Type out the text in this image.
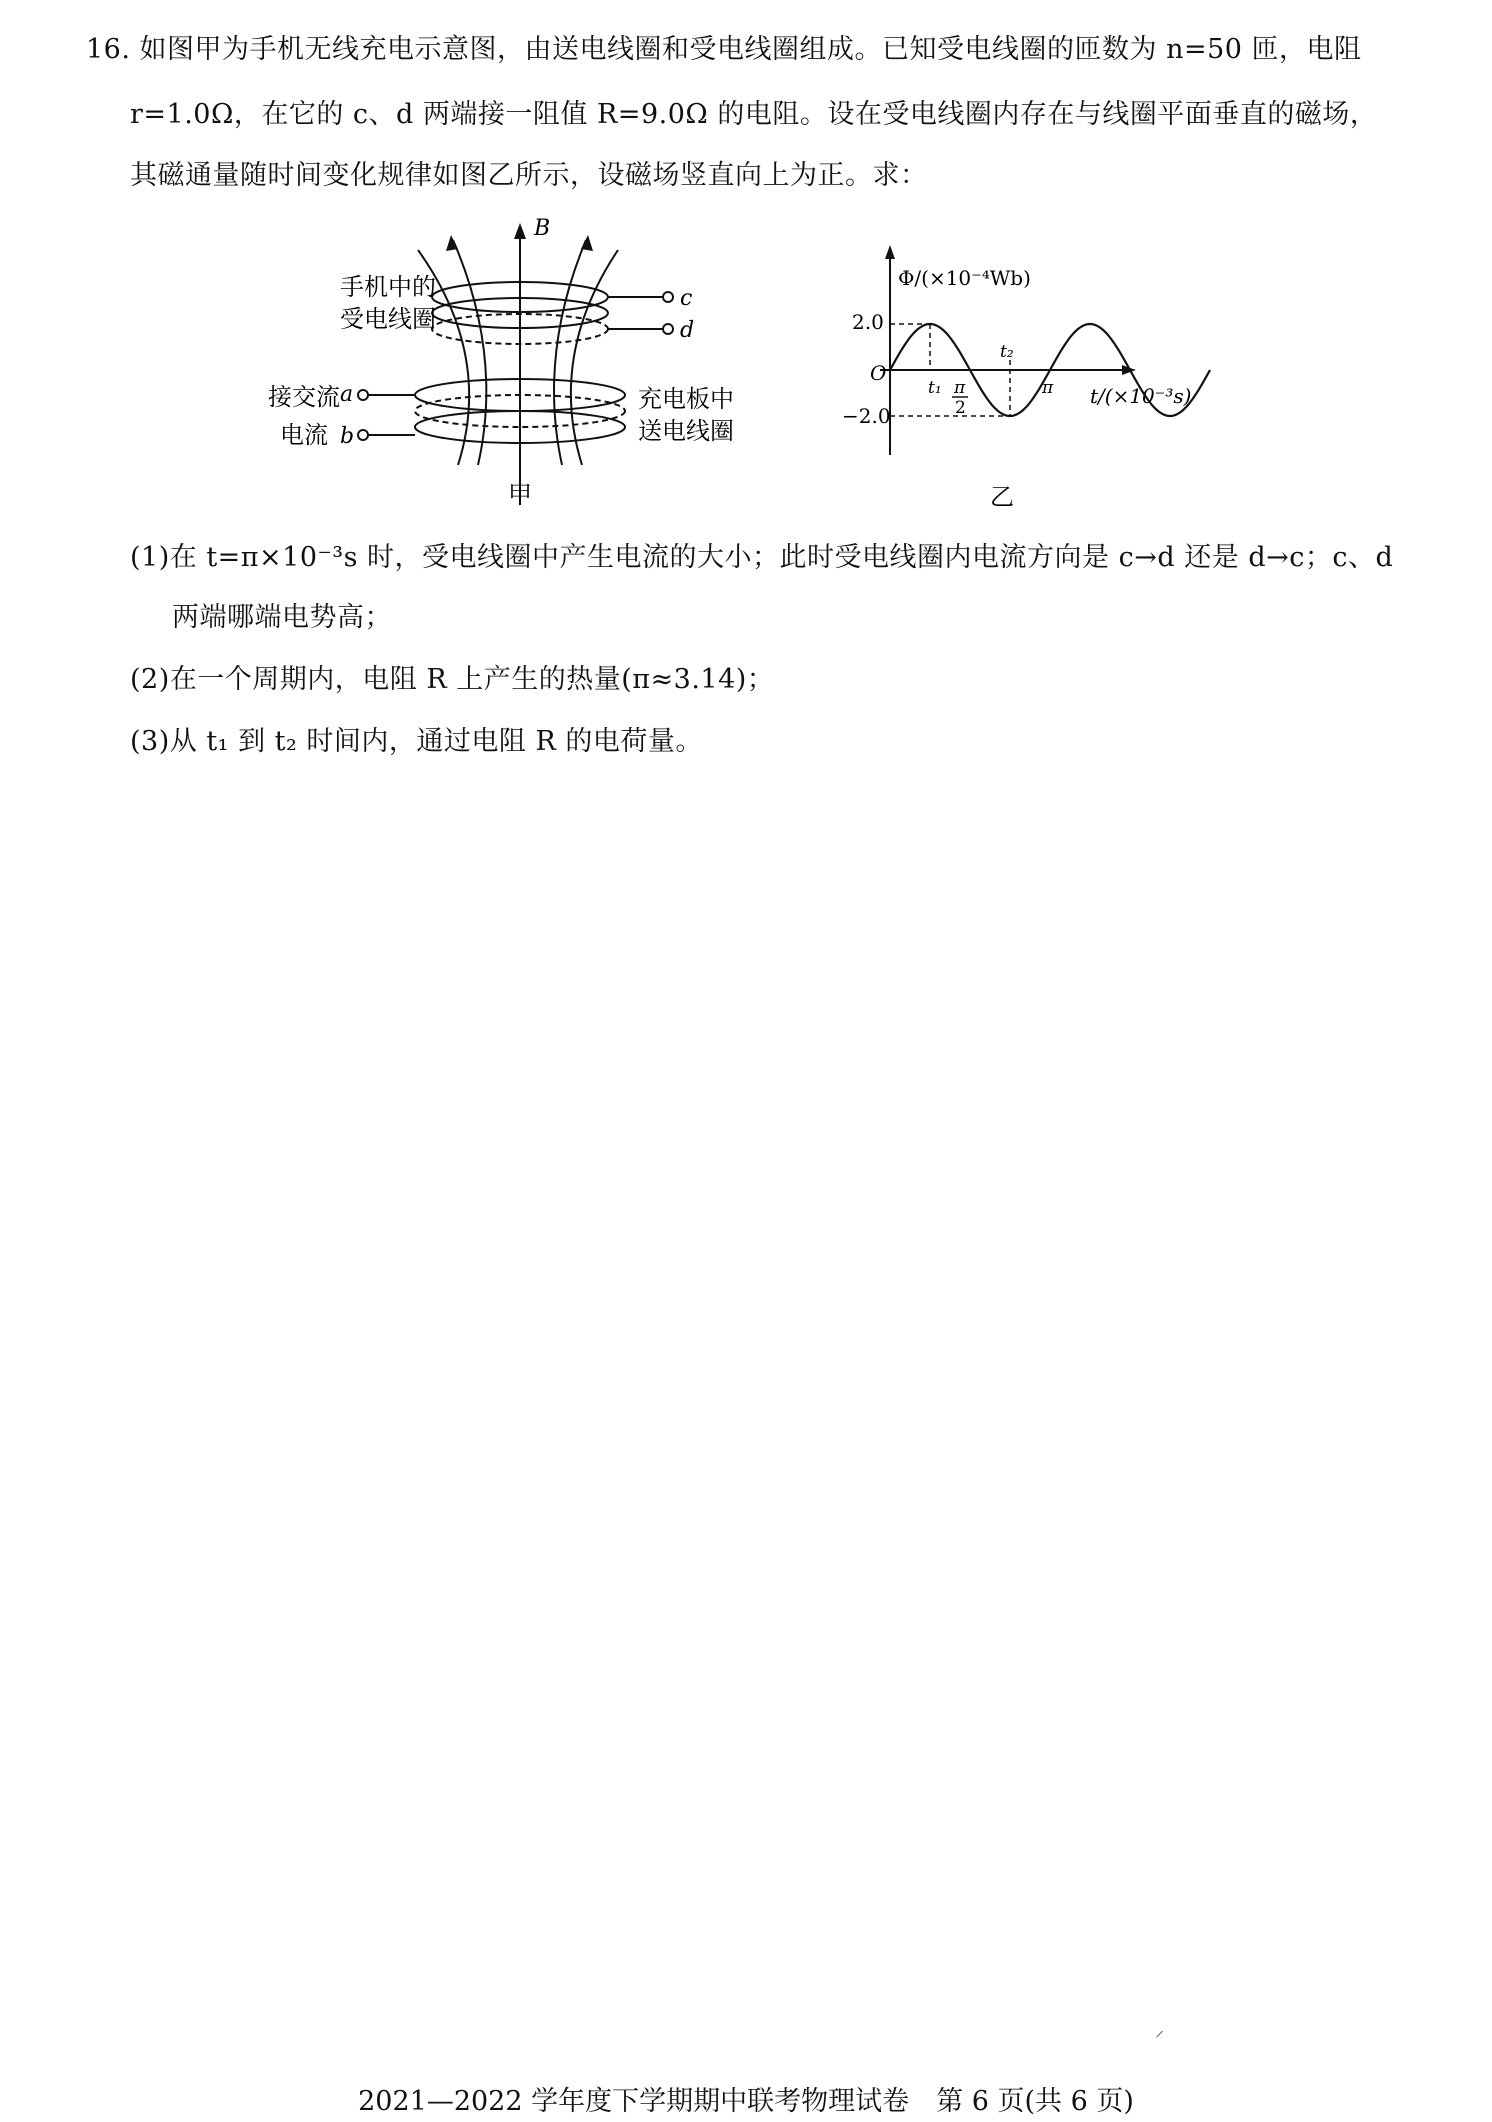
16. 如图甲为手机无线充电示意图，由送电线圈和受电线圈组成。已知受电线圈的匝数为 n=50 匝，电阻
r=1.0Ω，在它的 c、d 两端接一阻值 R=9.0Ω 的电阻。设在受电线圈内存在与线圈平面垂直的磁场，
其磁通量随时间变化规律如图乙所示，设磁场竖直向上为正。求：
B
c
d
手机中的
受电线圈
a
b
接交流
电流
充电板中
送电线圈
甲
Φ/(×10⁻⁴Wb)
t/(×10⁻³s)
O
2.0
−2.0
t₁
t₂
π
2
π
乙
(1)在 t=π×10⁻³s 时，受电线圈中产生电流的大小；此时受电线圈内电流方向是 c→d 还是 d→c；c、d
两端哪端电势高；
(2)在一个周期内，电阻 R 上产生的热量(π≈3.14)；
(3)从 t₁ 到 t₂ 时间内，通过电阻 R 的电荷量。
⸝
2021—2022 学年度下学期期中联考物理试卷　第 6 页(共 6 页)
